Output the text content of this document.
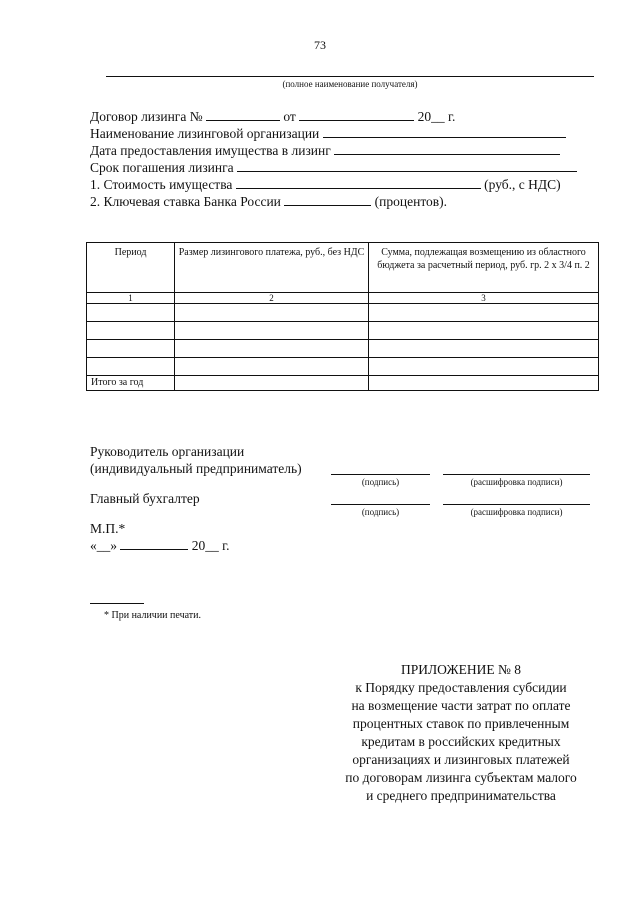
73
(полное наименование получателя)
Договор лизинга №	от	20__ г.
Наименование лизинговой организации
Дата предоставления имущества в лизинг
Срок погашения лизинга
1. Стоимость имущества	(руб., с НДС)
2. Ключевая ставка Банка России	(процентов).
Период	Размер лизингового платежа, руб., без НДС	Сумма, подлежащая возмещению из областного бюджета за расчетный период, руб. гр. 2 х 3/4 п. 2
1	2	3

Итого за год		
Руководитель организации
(индивидуальный предприниматель)
(подпись)	(расшифровка подписи)
Главный бухгалтер
(подпись)	(расшифровка подписи)
М.П.*
«__»	20__ г.
* При наличии печати.
ПРИЛОЖЕНИЕ № 8
к Порядку предоставления субсидии
на возмещение части затрат по оплате
процентных ставок по привлеченным
кредитам в российских кредитных
организациях и лизинговых платежей
по договорам лизинга субъектам малого
и среднего предпринимательства
